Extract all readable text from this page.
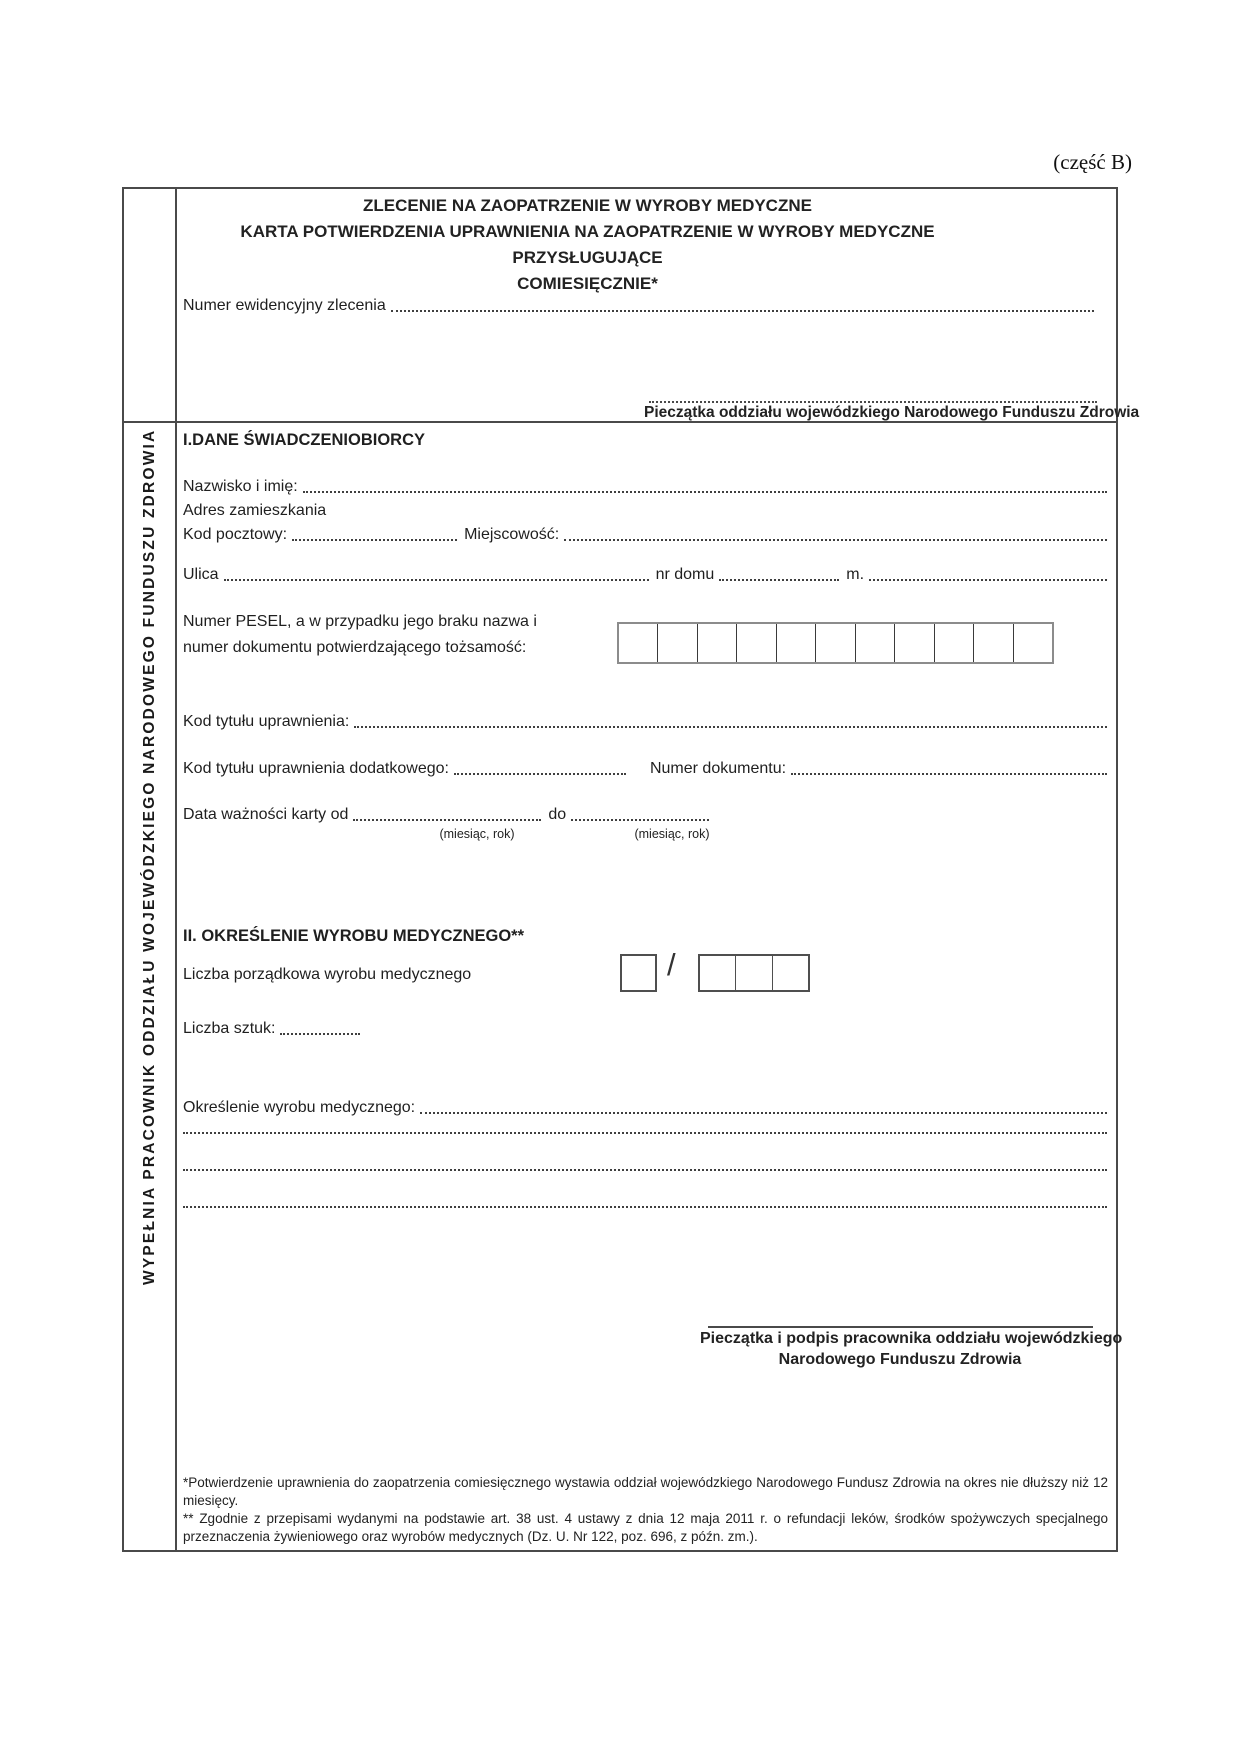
(część B)
ZLECENIE NA ZAOPATRZENIE W WYROBY MEDYCZNE
KARTA POTWIERDZENIA UPRAWNIENIA NA ZAOPATRZENIE W WYROBY MEDYCZNE PRZYSŁUGUJĄCE
COMIESIĘCZNIE*
Numer ewidencyjny zlecenia
Pieczątka oddziału wojewódzkiego Narodowego Funduszu Zdrowia
WYPEŁNIA PRACOWNIK ODDZIAŁU WOJEWÓDZKIEGO NARODOWEGO FUNDUSZU ZDROWIA I.DANE ŚWIADCZENIOBIORCY
Nazwisko i imię:
Adres zamieszkania
Kod pocztowy:	Miejscowość:
Ulica	nr domu	m.
Numer PESEL, a w przypadku jego braku nazwa i
numer dokumentu potwierdzającego tożsamość:
Kod tytułu uprawnienia:
Kod tytułu uprawnienia dodatkowego:	Numer dokumentu:
Data ważności karty od	do
(miesiąc, rok)	(miesiąc, rok)
II. OKREŚLENIE WYROBU MEDYCZNEGO**
Liczba porządkowa wyrobu medycznego	/
Liczba sztuk:
Określenie wyrobu medycznego:
Pieczątka i podpis pracownika oddziału wojewódzkiego
Narodowego Funduszu Zdrowia

*Potwierdzenie uprawnienia do zaopatrzenia comiesięcznego wystawia oddział wojewódzkiego Narodowego Fundusz Zdrowia na okres nie dłuższy niż 12 miesięcy.

** Zgodnie z przepisami wydanymi na podstawie art. 38 ust. 4 ustawy z dnia 12 maja 2011 r. o refundacji leków, środków spożywczych specjalnego przeznaczenia żywieniowego oraz wyrobów medycznych (Dz. U. Nr 122, poz. 696, z późn. zm.).
